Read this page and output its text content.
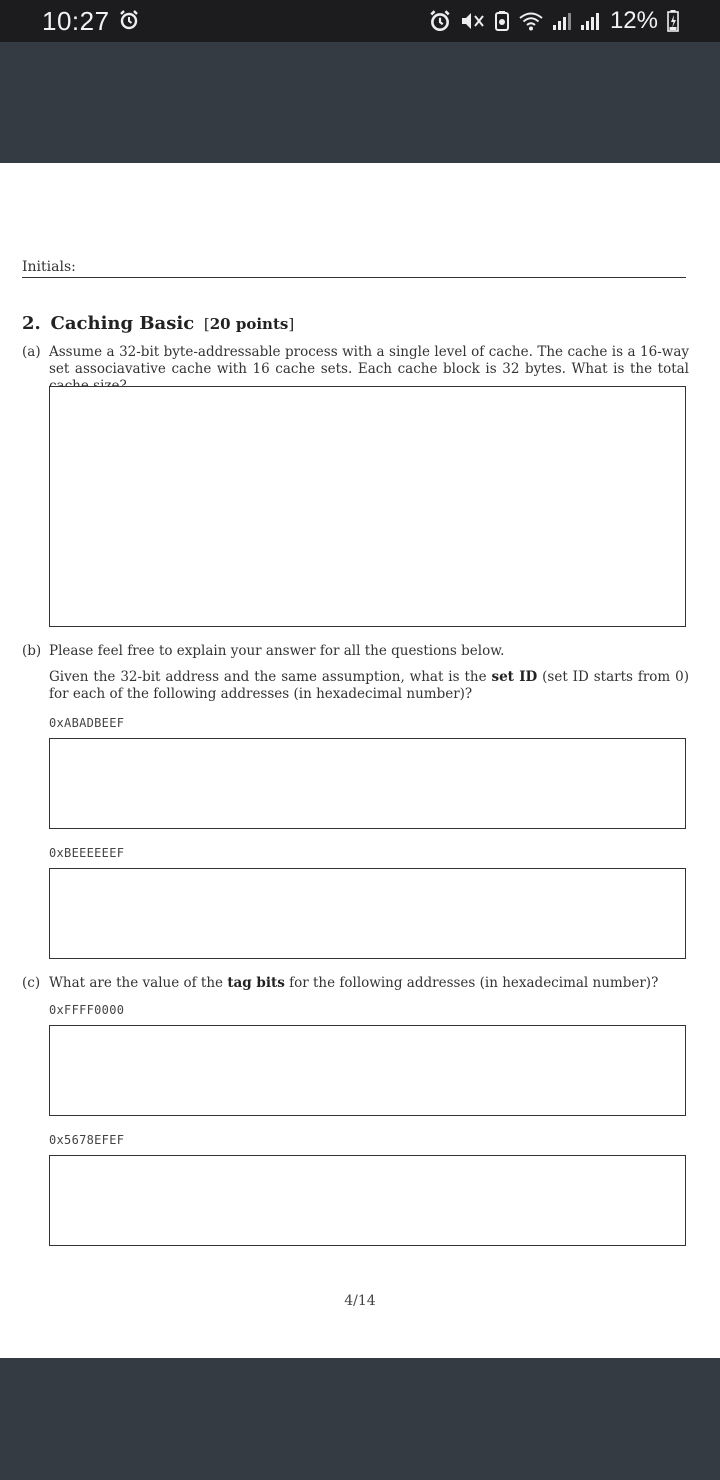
10:27	12%
Initials:
2. Caching Basic [20 points]
(a) Assume a 32-bit byte-addressable process with a single level of cache. The cache is a 16-way set associavative cache with 16 cache sets. Each cache block is 32 bytes. What is the total
(b) Please feel free to explain your answer for all the questions below.
Given the 32-bit address and the same assumption, what is the set ID (set ID starts from 0) for each of the following addresses (in hexadecimal number)?
0xABADBEEF
0xBEEEEEEF
(c) What are the value of the tag bits for the following addresses (in hexadecimal number)?
0xFFFF0000
0x5678EFEF
4/14
